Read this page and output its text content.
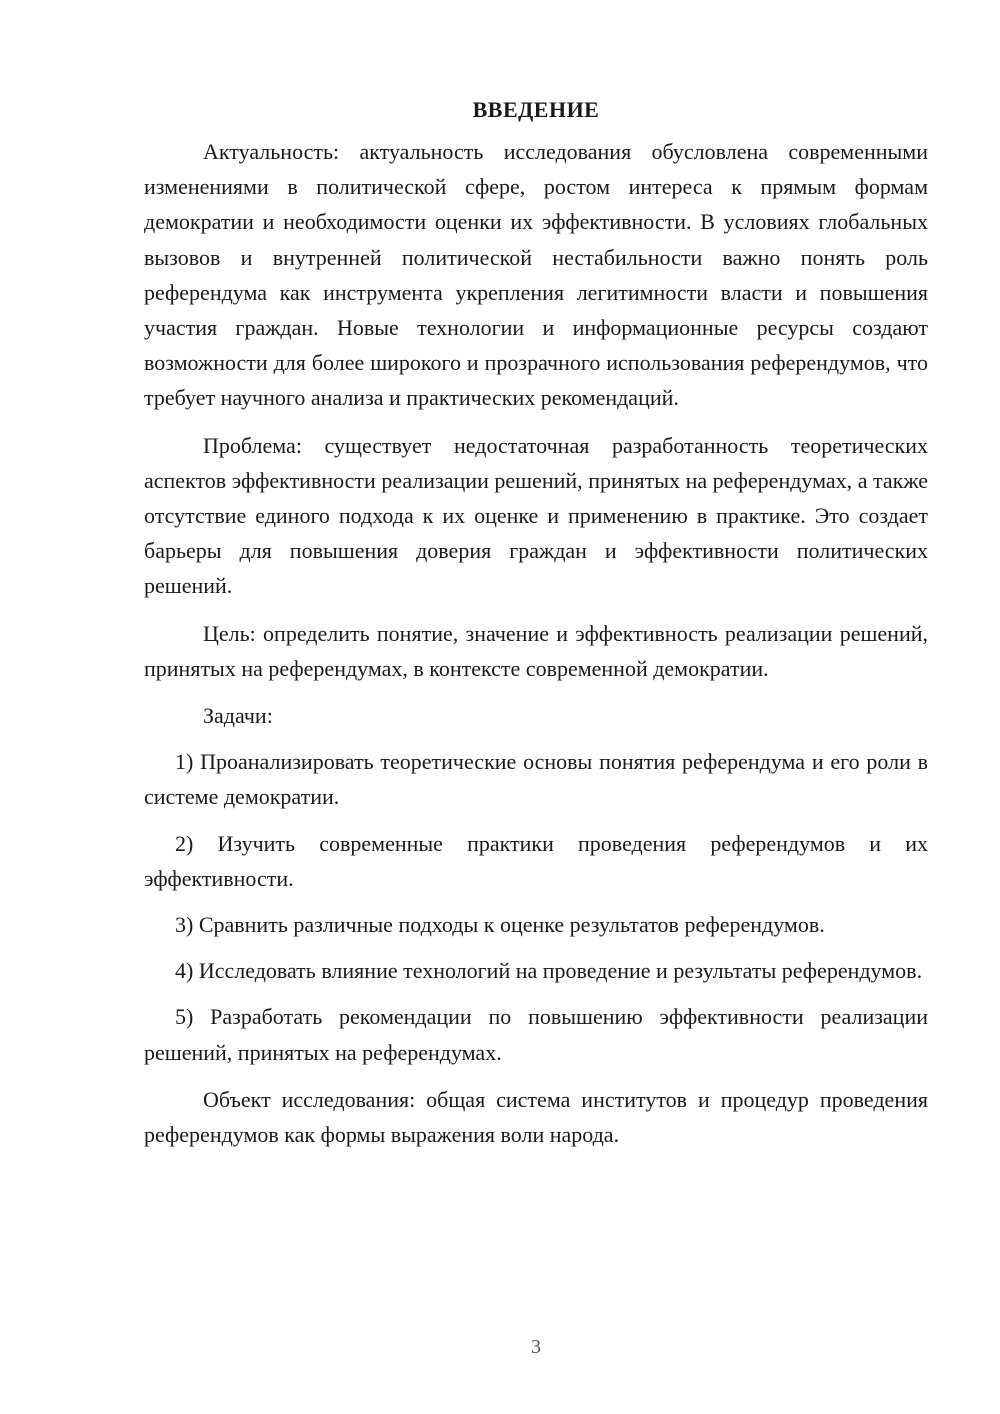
ВВЕДЕНИЕ

Актуальность: актуальность исследования обусловлена современными изменениями в политической сфере, ростом интереса к прямым формам демократии и необходимости оценки их эффективности. В условиях глобальных вызовов и внутренней политической нестабильности важно понять роль референдума как инструмента укрепления легитимности власти и повышения участия граждан. Новые технологии и информационные ресурсы создают возможности для более широкого и прозрачного использования референдумов, что требует научного анализа и практических рекомендаций.

Проблема: существует недостаточная разработанность теоретических аспектов эффективности реализации решений, принятых на референдумах, а также отсутствие единого подхода к их оценке и применению в практике. Это создает барьеры для повышения доверия граждан и эффективности политических решений.

Цель: определить понятие, значение и эффективность реализации решений, принятых на референдумах, в контексте современной демократии.

Задачи:

1) Проанализировать теоретические основы понятия референдума и его роли в системе демократии.

2) Изучить современные практики проведения референдумов и их эффективности.

3) Сравнить различные подходы к оценке результатов референдумов.

4) Исследовать влияние технологий на проведение и результаты референдумов.

5) Разработать рекомендации по повышению эффективности реализации решений, принятых на референдумах.

Объект исследования: общая система институтов и процедур проведения референдумов как формы выражения воли народа.

3
